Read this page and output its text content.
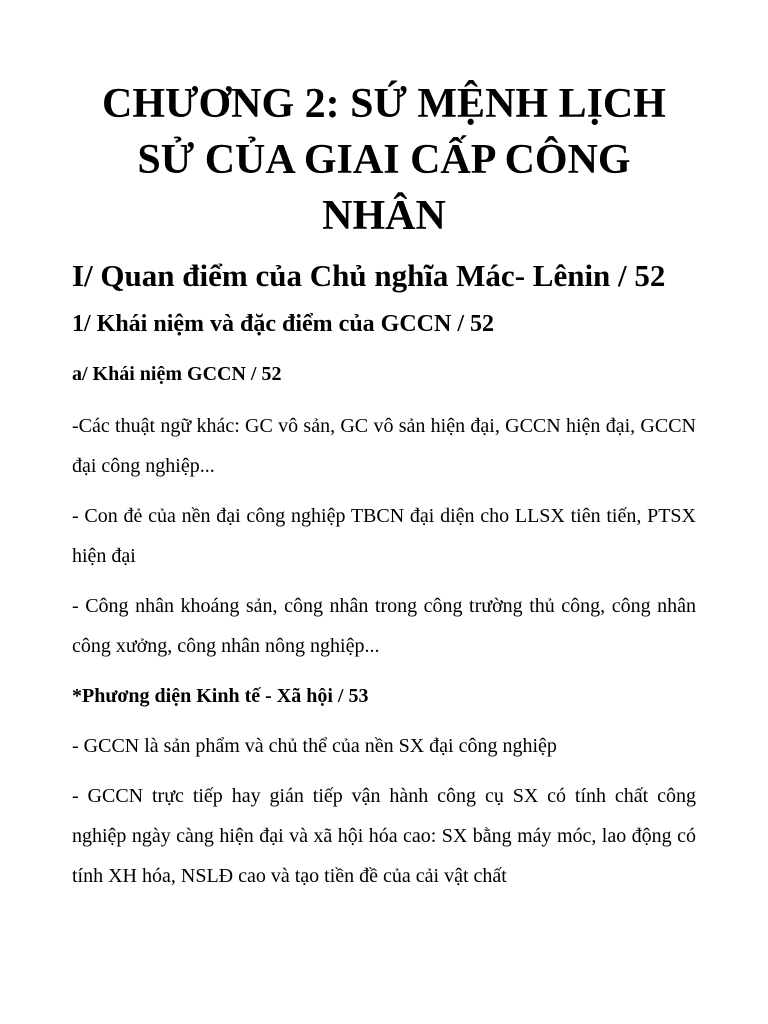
CHƯƠNG 2: SỨ MỆNH LỊCH SỬ CỦA GIAI CẤP CÔNG NHÂN
I/ Quan điểm của Chủ nghĩa Mác- Lênin / 52
1/ Khái niệm và đặc điểm của GCCN / 52
a/ Khái niệm GCCN / 52

-Các thuật ngữ khác: GC vô sản, GC vô sản hiện đại, GCCN hiện đại, GCCN đại công nghiệp...

- Con đẻ của nền đại công nghiệp TBCN đại diện cho LLSX tiên tiến, PTSX hiện đại

- Công nhân khoáng sản, công nhân trong công trường thủ công, công nhân công xưởng, công nhân nông nghiệp...

*Phương diện Kinh tế - Xã hội / 53

- GCCN là sản phẩm và chủ thể của nền SX đại công nghiệp

- GCCN trực tiếp hay gián tiếp vận hành công cụ SX có tính chất công nghiệp ngày càng hiện đại và xã hội hóa cao: SX bằng máy móc, lao động có tính XH hóa, NSLĐ cao và tạo tiền đề của cải vật chất
